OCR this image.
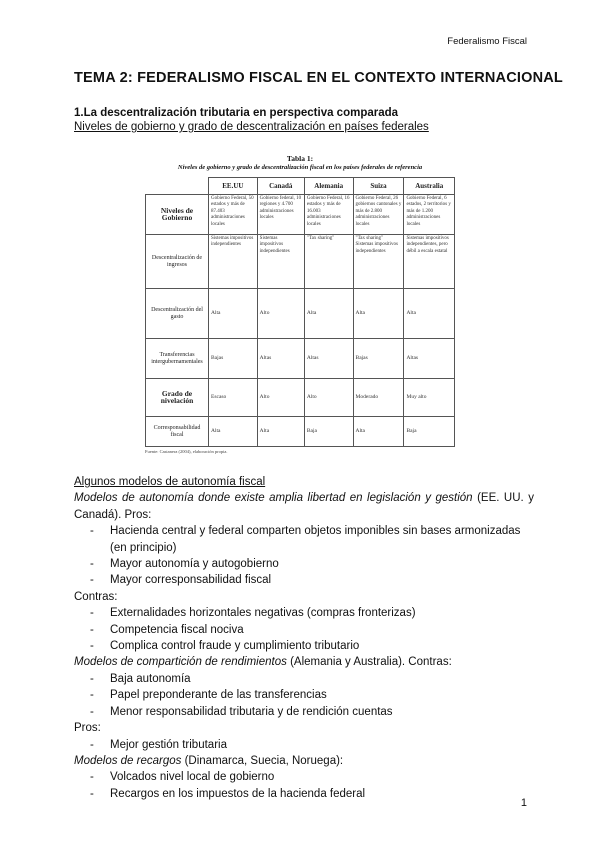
Federalismo Fiscal
TEMA 2: FEDERALISMO FISCAL EN EL CONTEXTO INTERNACIONAL
1.La descentralización tributaria en perspectiva comparada
Niveles de gobierno y grado de descentralización en países federales
Tabla 1:
Niveles de gobierno y grado de descentralización fiscal en los países federales de referencia
	EE.UU	Canadá	Alemania	Suiza	Australia
Niveles de Gobierno	Gobierno Federal, 50 estados y más de 87.403 administraciones locales	Gobierno federal, 10 regiones y 4.700 administraciones locales	Gobierno Federal, 16 estados y más de 16.003 administraciones locales	Gobierno Federal, 26 gobiernos cantonales y más de 2.800 administraciones locales	Gobierno Federal, 6 estados, 2 territorios y más de 1.200 administraciones locales
Descentralización de ingresos	Sistemas impositivos independientes	Sistemas impositivos independientes	"Tax sharing"	"Tax sharing" Sistemas impositivos independientes	Sistemas impositivos independientes, pero débil a escala estatal
Descentralización del gasto	Alta	Alto	Alta	Alta	Alta
Transferencias intergubernamentales	Bajas	Altas	Altas	Bajas	Altas
Grado de nivelación	Escaso	Alto	Alto	Moderado	Muy alto
Corresponsabilidad fiscal	Alta	Alta	Baja	Alta	Baja
Fuente: Castanera (2004), elaboración propia.
Algunos modelos de autonomía fiscal
Modelos de autonomía donde existe amplia libertad en legislación y gestión (EE. UU. y Canadá). Pros:
-	Hacienda central y federal comparten objetos imponibles sin bases armonizadas (en principio)
-	Mayor autonomía y autogobierno
-	Mayor corresponsabilidad fiscal
Contras:
-	Externalidades horizontales negativas (compras fronterizas)
-	Competencia fiscal nociva
-	Complica control fraude y cumplimiento tributario
Modelos de compartición de rendimientos (Alemania y Australia). Contras:
-	Baja autonomía
-	Papel preponderante de las transferencias
-	Menor responsabilidad tributaria y de rendición cuentas
Pros:
-	Mejor gestión tributaria
Modelos de recargos (Dinamarca, Suecia, Noruega):
-	Volcados nivel local de gobierno
-	Recargos en los impuestos de la hacienda federal
1
